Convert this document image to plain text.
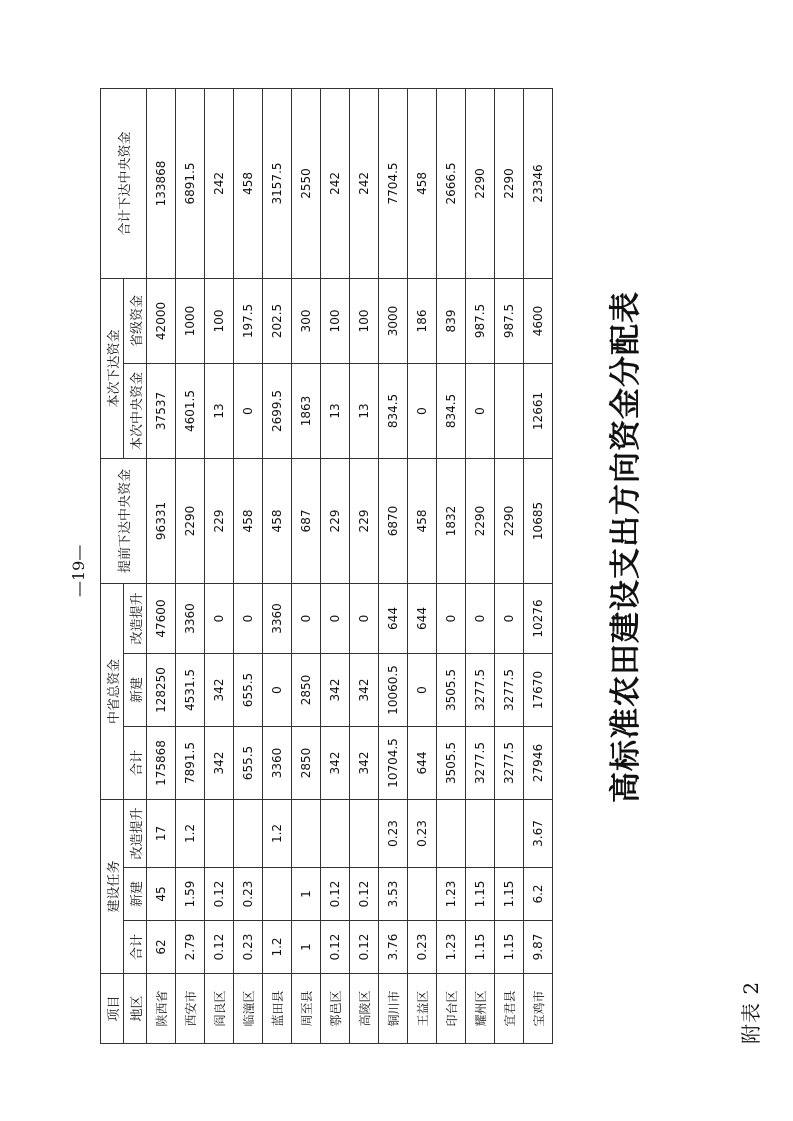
附表 2
高标准农田建设支出方向资金分配表
项目	建设任务			中省总资金			提前下达中央资金	本次下达资金		合计下达中央资金
地区	合计	新建	改造提升	合计	新建	改造提升		本次中央资金	省级资金	
陕西省	62	45	17	175868	128250	47600	96331	37537	42000	133868
西安市	2.79	1.59	1.2	7891.5	4531.5	3360	2290	4601.5	1000	6891.5
阎良区	0.12	0.12		342	342	0	229	13	100	242
临潼区	0.23	0.23		655.5	655.5	0	458	0	197.5	458
蓝田县	1.2		1.2	3360	0	3360	458	2699.5	202.5	3157.5
周至县	1	1		2850	2850	0	687	1863	300	2550
鄠邑区	0.12	0.12		342	342	0	229	13	100	242
高陵区	0.12	0.12		342	342	0	229	13	100	242
铜川市	3.76	3.53	0.23	10704.5	10060.5	644	6870	834.5	3000	7704.5
王益区	0.23		0.23	644	0	644	458	0	186	458
印台区	1.23	1.23		3505.5	3505.5	0	1832	834.5	839	2666.5
耀州区	1.15	1.15		3277.5	3277.5	0	2290	0	987.5	2290
宜君县	1.15	1.15		3277.5	3277.5	0	2290		987.5	2290
宝鸡市	9.87	6.2	3.67	27946	17670	10276	10685	12661	4600	23346
—19—
